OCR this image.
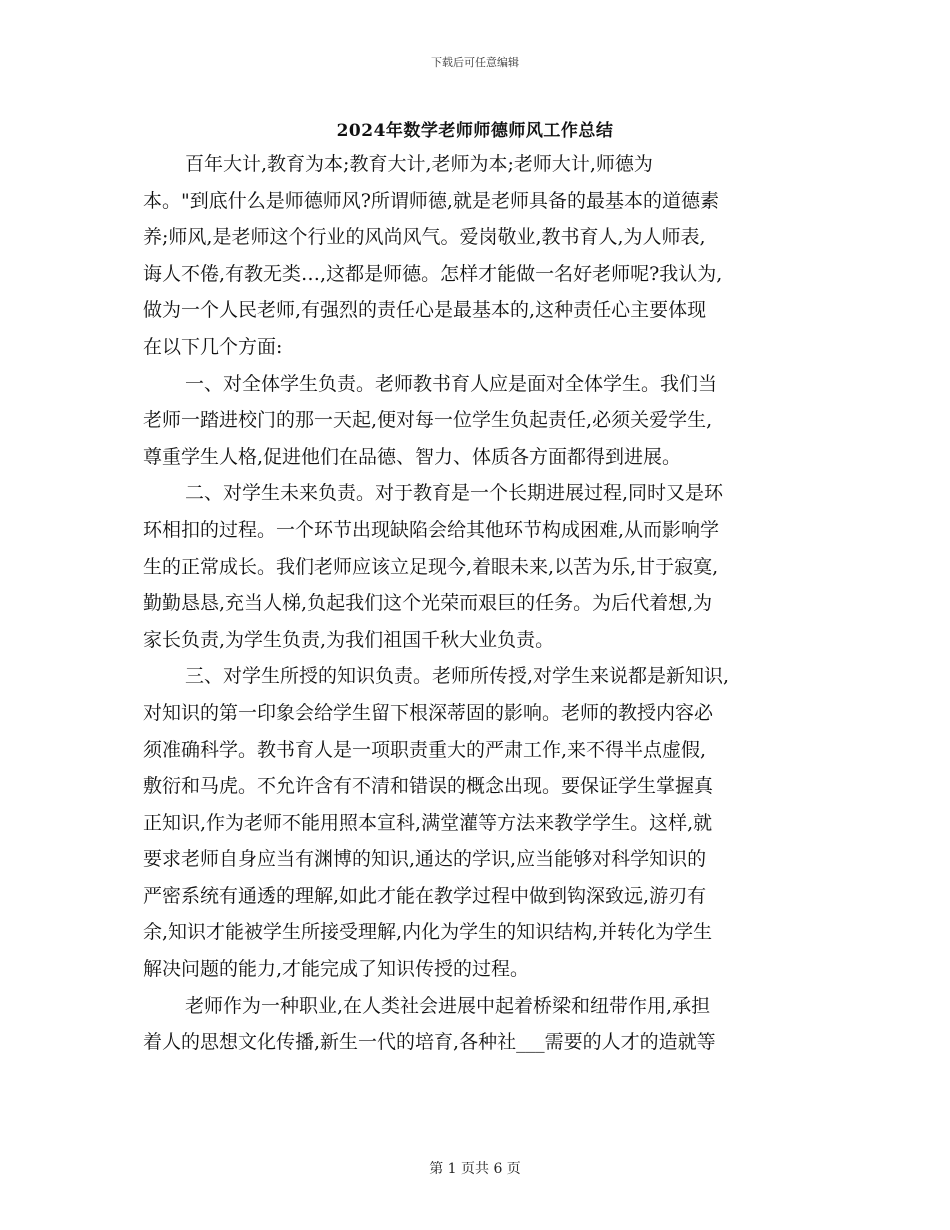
下载后可任意编辑
2024年数学老师师德师风工作总结
百年大计,教育为本;教育大计,老师为本;老师大计,师德为
本。"到底什么是师德师风?所谓师德,就是老师具备的最基本的道德素
养;师风,是老师这个行业的风尚风气。爱岗敬业,教书育人,为人师表,
诲人不倦,有教无类…,这都是师德。怎样才能做一名好老师呢?我认为,
做为一个人民老师,有强烈的责任心是最基本的,这种责任心主要体现
在以下几个方面:
一、对全体学生负责。老师教书育人应是面对全体学生。我们当
老师一踏进校门的那一天起,便对每一位学生负起责任,必须关爱学生,
尊重学生人格,促进他们在品德、智力、体质各方面都得到进展。
二、对学生未来负责。对于教育是一个长期进展过程,同时又是环
环相扣的过程。一个环节出现缺陷会给其他环节构成困难,从而影响学
生的正常成长。我们老师应该立足现今,着眼未来,以苦为乐,甘于寂寞,
勤勤恳恳,充当人梯,负起我们这个光荣而艰巨的任务。为后代着想,为
家长负责,为学生负责,为我们祖国千秋大业负责。
三、对学生所授的知识负责。老师所传授,对学生来说都是新知识,
对知识的第一印象会给学生留下根深蒂固的影响。老师的教授内容必
须准确科学。教书育人是一项职责重大的严肃工作,来不得半点虚假,
敷衍和马虎。不允许含有不清和错误的概念出现。要保证学生掌握真
正知识,作为老师不能用照本宣科,满堂灌等方法来教学学生。这样,就
要求老师自身应当有渊博的知识,通达的学识,应当能够对科学知识的
严密系统有通透的理解,如此才能在教学过程中做到钩深致远,游刃有
余,知识才能被学生所接受理解,内化为学生的知识结构,并转化为学生
解决问题的能力,才能完成了知识传授的过程。
老师作为一种职业,在人类社会进展中起着桥梁和纽带作用,承担
着人的思想文化传播,新生一代的培育,各种社___需要的人才的造就等
第 1 页共 6 页
